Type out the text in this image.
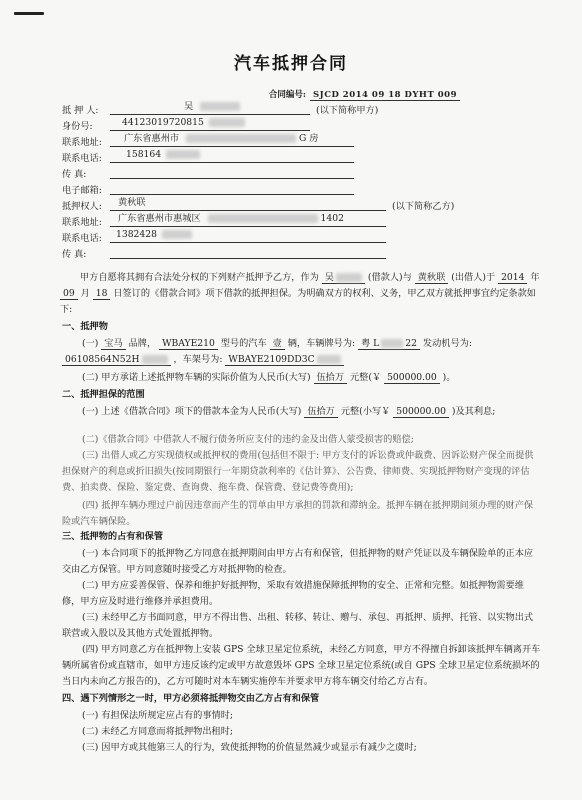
汽车抵押合同
合同编号: SJCD 2014 09 18 DYHT 009
抵 押 人:	吴	(以下简称甲方)
身份号:	44123019720815
联系地址:	广东省惠州市	G 房
联系电话:	158164
传 真:
电子邮箱:
抵押权人:	黄秋联	(以下简称乙方)
联系地址:	广东省惠州市惠城区	1402
联系电话:	1382428
传 真:
甲方自愿将其拥有合法处分权的下列财产抵押予乙方，作为 吴	(借款人)与 黄秋联 (出借人)于 2014 年 09 月 18 日签订的《借款合同》项下借款的抵押担保。为明确双方的权利、义务，甲乙双方就抵押事宜约定条款如下:
一、抵押物
(一) 宝马 品牌， WBAYE210 型号的汽车 壹 辆，车辆牌号为: 粤 L	22 发动机号为: 06108564N52H	，车架号为: WBAYE2109DD3C
(二) 甲方承诺上述抵押物车辆的实际价值为人民币(大写) 伍拾万 元整(￥ 500000.00 )。
二、抵押担保的范围
(一) 上述《借款合同》项下的借款本金为人民币(大写) 伍拾万 元整(小写￥ 500000.00 )及其利息;
(二)《借款合同》中借款人不履行债务所应支付的违约金及出借人蒙受损害的赔偿;
(三) 出借人或乙方实现债权或抵押权的费用(包括但不限于: 甲方支付的诉讼费或仲裁费、因诉讼财产保全而提供担保财产的利息或折旧损失(按同期银行一年期贷款利率的《估计算》、公告费、律师费、实现抵押物财产变现的评估费、拍卖费、保险、鉴定费、查询费、拖车费、保管费、登记费等费用);
(四) 抵押车辆办理过户前因违章而产生的罚单由甲方承担的罚款和滞纳金。抵押车辆在抵押期间须办理的财产保险或汽车辆保险。
三、抵押物的占有和保管
(一) 本合同项下的抵押物乙方同意在抵押期间由甲方占有和保管，但抵押物的财产凭证以及车辆保险单的正本应交由乙方保管。甲方同意随时接受乙方对抵押物的检查。
(二) 甲方应妥善保管、保养和维护好抵押物，采取有效措施保障抵押物的安全、正常和完整。如抵押物需要维修，甲方应及时进行维修并承担费用。
(三) 未经甲乙方书面同意，甲方不得出售、出租、转移、转让、赠与、承包、再抵押、质押、托管、以实物出式联营或入股以及其他方式处置抵押物。
(四) 甲方同意乙方在抵押物上安装 GPS 全球卫星定位系统，未经乙方同意，甲方不得擅自拆卸该抵押车辆离开车辆所属省份或直辖市，如甲方违反该约定或甲方故意毁坏 GPS 全球卫星定位系统(或自 GPS 全球卫星定位系统损坏的当日内未向乙方报告的)，乙方可随时对本车辆实施停车并要求甲方将车辆交付给乙方占有。
四、遇下列情形之一时，甲方必须将抵押物交由乙方占有和保管
(一) 有担保法所规定应占有的事情时;
(二) 未经乙方同意而将抵押物出租时;
(三) 因甲方或其他第三人的行为，致使抵押物的价值显然减少或显示有减少之虞时;
